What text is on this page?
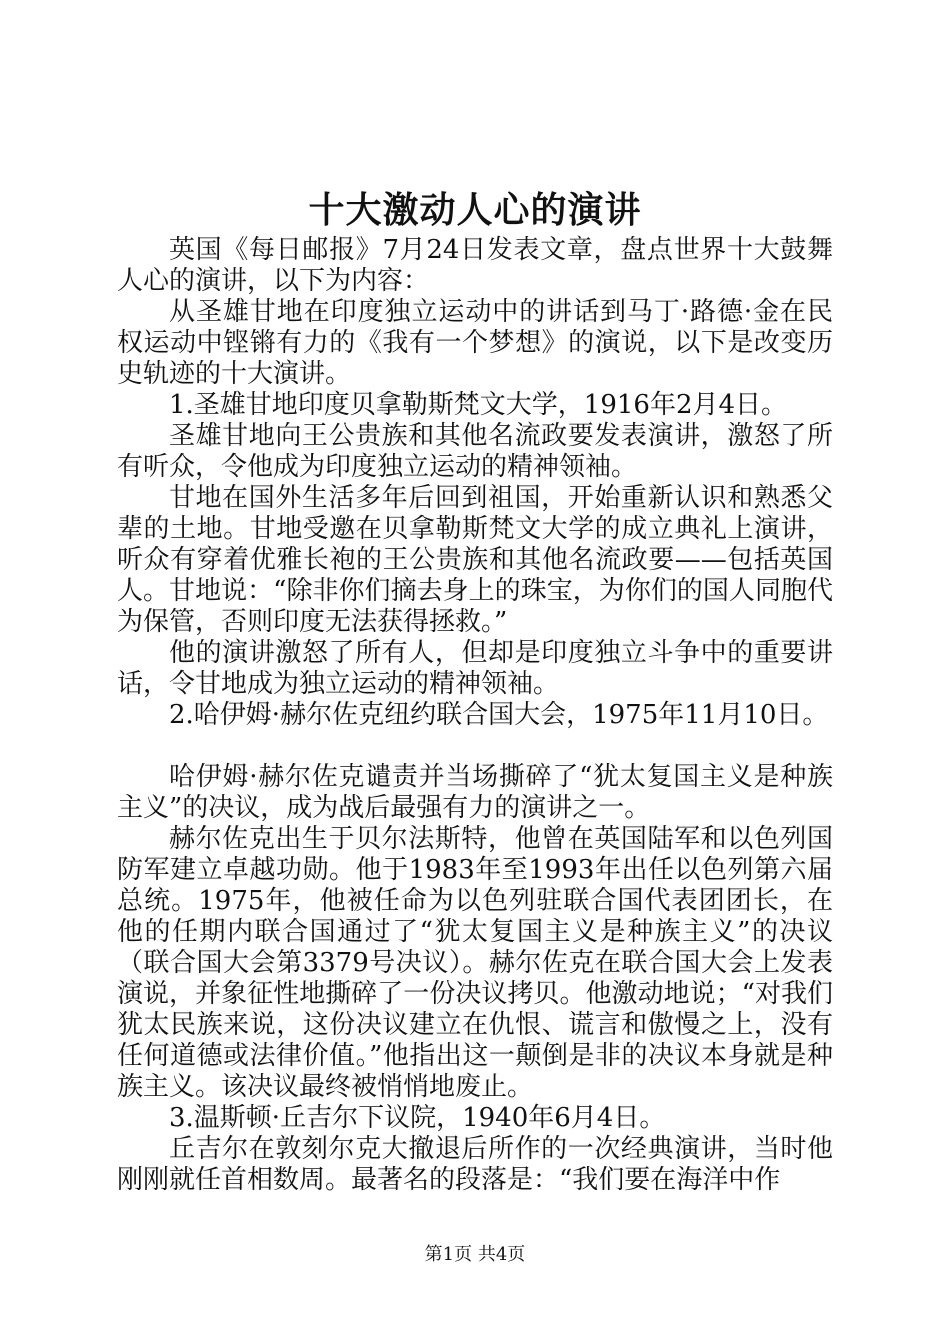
十大激动人心的演讲

英国《每日邮报》7月24日发表文章，盘点世界十大鼓舞人心的演讲，以下为内容：

从圣雄甘地在印度独立运动中的讲话到马丁·路德·金在民权运动中铿锵有力的《我有一个梦想》的演说，以下是改变历史轨迹的十大演讲。

1.圣雄甘地印度贝拿勒斯梵文大学，1916年2月4日。

圣雄甘地向王公贵族和其他名流政要发表演讲，激怒了所有听众，令他成为印度独立运动的精神领袖。

甘地在国外生活多年后回到祖国，开始重新认识和熟悉父辈的土地。甘地受邀在贝拿勒斯梵文大学的成立典礼上演讲，听众有穿着优雅长袍的王公贵族和其他名流政要——包括英国人。甘地说：“除非你们摘去身上的珠宝，为你们的国人同胞代为保管，否则印度无法获得拯救。”

他的演讲激怒了所有人，但却是印度独立斗争中的重要讲话，令甘地成为独立运动的精神领袖。

2.哈伊姆·赫尔佐克纽约联合国大会，1975年11月10日。

哈伊姆·赫尔佐克谴责并当场撕碎了“犹太复国主义是种族主义”的决议，成为战后最强有力的演讲之一。

赫尔佐克出生于贝尔法斯特，他曾在英国陆军和以色列国防军建立卓越功勋。他于1983年至1993年出任以色列第六届总统。1975年，他被任命为以色列驻联合国代表团团长，在他的任期内联合国通过了“犹太复国主义是种族主义”的决议（联合国大会第3379号决议）。赫尔佐克在联合国大会上发表演说，并象征性地撕碎了一份决议拷贝。他激动地说；“对我们犹太民族来说，这份决议建立在仇恨、谎言和傲慢之上，没有任何道德或法律价值。”他指出这一颠倒是非的决议本身就是种族主义。该决议最终被悄悄地废止。

3.温斯顿·丘吉尔下议院，1940年6月4日。

丘吉尔在敦刻尔克大撤退后所作的一次经典演讲，当时他刚刚就任首相数周。最著名的段落是：“我们要在海洋中作

第1页 共4页
